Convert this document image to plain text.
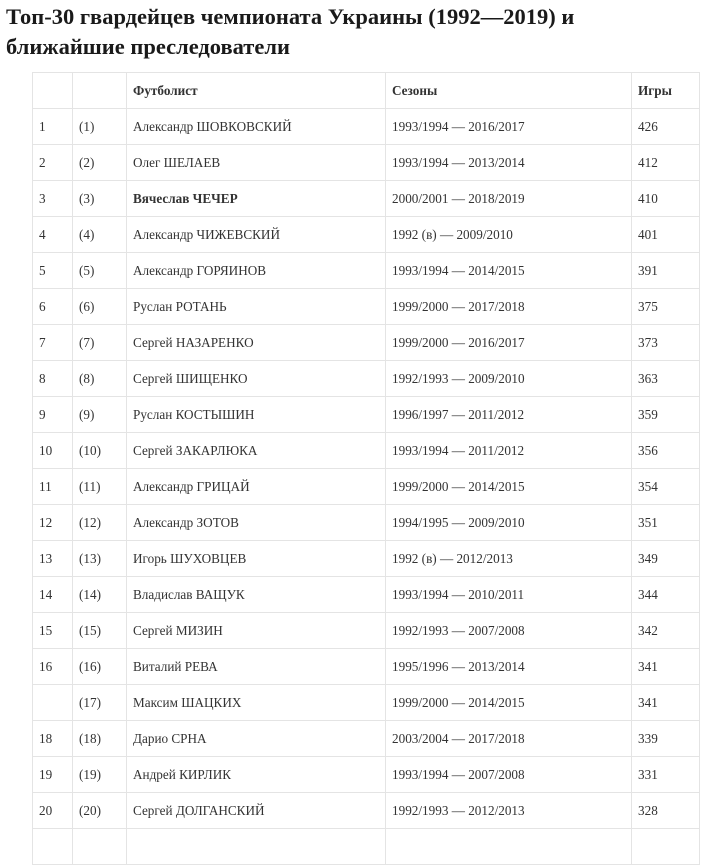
Топ-30 гвардейцев чемпионата Украины (1992—2019) и ближайшие преследователи
		Футболист	Сезоны	Игры
1	(1)	Александр ШОВКОВСКИЙ	1993/1994 — 2016/2017	426
2	(2)	Олег ШЕЛАЕВ	1993/1994 — 2013/2014	412
3	(3)	Вячеслав ЧЕЧЕР	2000/2001 — 2018/2019	410
4	(4)	Александр ЧИЖЕВСКИЙ	1992 (в) — 2009/2010	401
5	(5)	Александр ГОРЯИНОВ	1993/1994 — 2014/2015	391
6	(6)	Руслан РОТАНЬ	1999/2000 — 2017/2018	375
7	(7)	Сергей НАЗАРЕНКО	1999/2000 — 2016/2017	373
8	(8)	Сергей ШИЩЕНКО	1992/1993 — 2009/2010	363
9	(9)	Руслан КОСТЫШИН	1996/1997 — 2011/2012	359
10	(10)	Сергей ЗАКАРЛЮКА	1993/1994 — 2011/2012	356
11	(11)	Александр ГРИЦАЙ	1999/2000 — 2014/2015	354
12	(12)	Александр ЗОТОВ	1994/1995 — 2009/2010	351
13	(13)	Игорь ШУХОВЦЕВ	1992 (в) — 2012/2013	349
14	(14)	Владислав ВАЩУК	1993/1994 — 2010/2011	344
15	(15)	Сергей МИЗИН	1992/1993 — 2007/2008	342
16	(16)	Виталий РЕВА	1995/1996 — 2013/2014	341
	(17)	Максим ШАЦКИХ	1999/2000 — 2014/2015	341
18	(18)	Дарио СРНА	2003/2004 — 2017/2018	339
19	(19)	Андрей КИРЛИК	1993/1994 — 2007/2008	331
20	(20)	Сергей ДОЛГАНСКИЙ	1992/1993 — 2012/2013	328
